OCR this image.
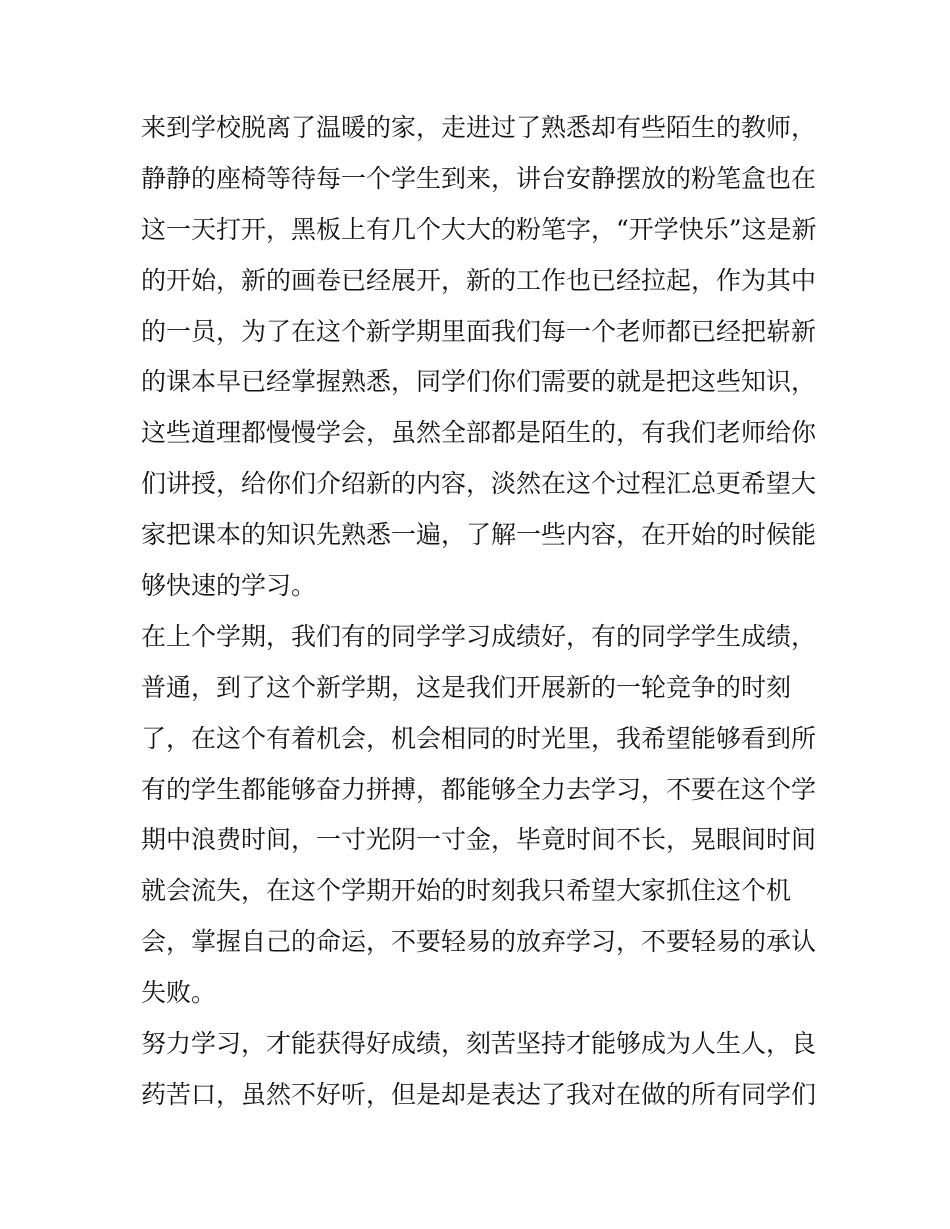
来到学校脱离了温暖的家，走进过了熟悉却有些陌生的教师，
静静的座椅等待每一个学生到来，讲台安静摆放的粉笔盒也在
这一天打开，黑板上有几个大大的粉笔字，“开学快乐”这是新
的开始，新的画卷已经展开，新的工作也已经拉起，作为其中
的一员，为了在这个新学期里面我们每一个老师都已经把崭新
的课本早已经掌握熟悉，同学们你们需要的就是把这些知识，
这些道理都慢慢学会，虽然全部都是陌生的，有我们老师给你
们讲授，给你们介绍新的内容，淡然在这个过程汇总更希望大
家把课本的知识先熟悉一遍，了解一些内容，在开始的时候能
够快速的学习。
在上个学期，我们有的同学学习成绩好，有的同学学生成绩，
普通，到了这个新学期，这是我们开展新的一轮竞争的时刻
了，在这个有着机会，机会相同的时光里，我希望能够看到所
有的学生都能够奋力拼搏，都能够全力去学习，不要在这个学
期中浪费时间，一寸光阴一寸金，毕竟时间不长，晃眼间时间
就会流失，在这个学期开始的时刻我只希望大家抓住这个机
会，掌握自己的命运，不要轻易的放弃学习，不要轻易的承认
失败。
努力学习，才能获得好成绩，刻苦坚持才能够成为人生人，良
药苦口，虽然不好听，但是却是表达了我对在做的所有同学们
